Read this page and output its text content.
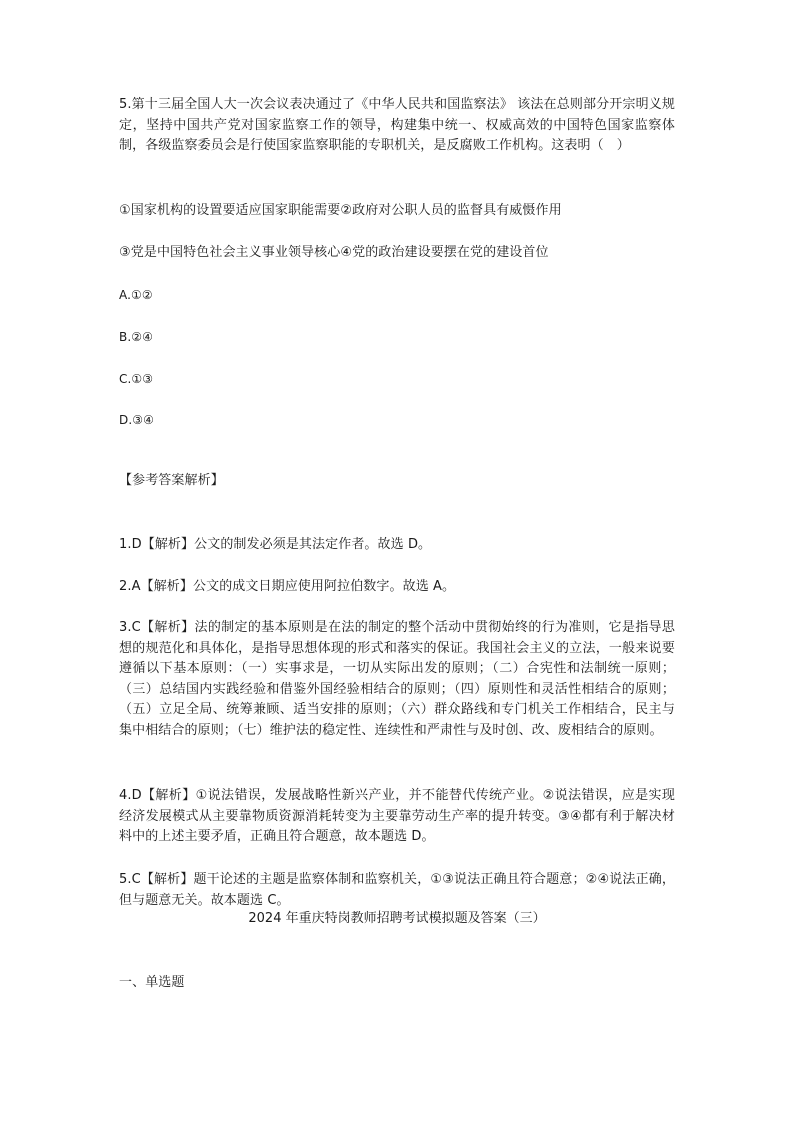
5.第十三届全国人大一次会议表决通过了《中华人民共和国监察法》 该法在总则部分开宗明义规定，坚持中国共产党对国家监察工作的领导，构建集中统一、权威高效的中国特色国家监察体制，各级监察委员会是行使国家监察职能的专职机关，是反腐败工作机构。这表明（　）

①国家机构的设置要适应国家职能需要②政府对公职人员的监督具有威慑作用

③党是中国特色社会主义事业领导核心④党的政治建设要摆在党的建设首位

A.①②

B.②④

C.①③

D.③④

【参考答案解析】

1.D【解析】公文的制发必须是其法定作者。故选 D。

2.A【解析】公文的成文日期应使用阿拉伯数字。故选 A。

3.C【解析】法的制定的基本原则是在法的制定的整个活动中贯彻始终的行为准则，它是指导思想的规范化和具体化，是指导思想体现的形式和落实的保证。我国社会主义的立法，一般来说要遵循以下基本原则：（一）实事求是，一切从实际出发的原则；（二）合宪性和法制统一原则；（三）总结国内实践经验和借鉴外国经验相结合的原则；（四）原则性和灵活性相结合的原则；（五）立足全局、统筹兼顾、适当安排的原则；（六）群众路线和专门机关工作相结合，民主与集中相结合的原则；（七）维护法的稳定性、连续性和严肃性与及时创、改、废相结合的原则。

4.D【解析】①说法错误，发展战略性新兴产业，并不能替代传统产业。②说法错误，应是实现经济发展模式从主要靠物质资源消耗转变为主要靠劳动生产率的提升转变。③④都有利于解决材料中的上述主要矛盾，正确且符合题意，故本题选 D。

5.C【解析】题干论述的主题是监察体制和监察机关，①③说法正确且符合题意；②④说法正确，但与题意无关。故本题选 C。

2024 年重庆特岗教师招聘考试模拟题及答案（三）

一、单选题
